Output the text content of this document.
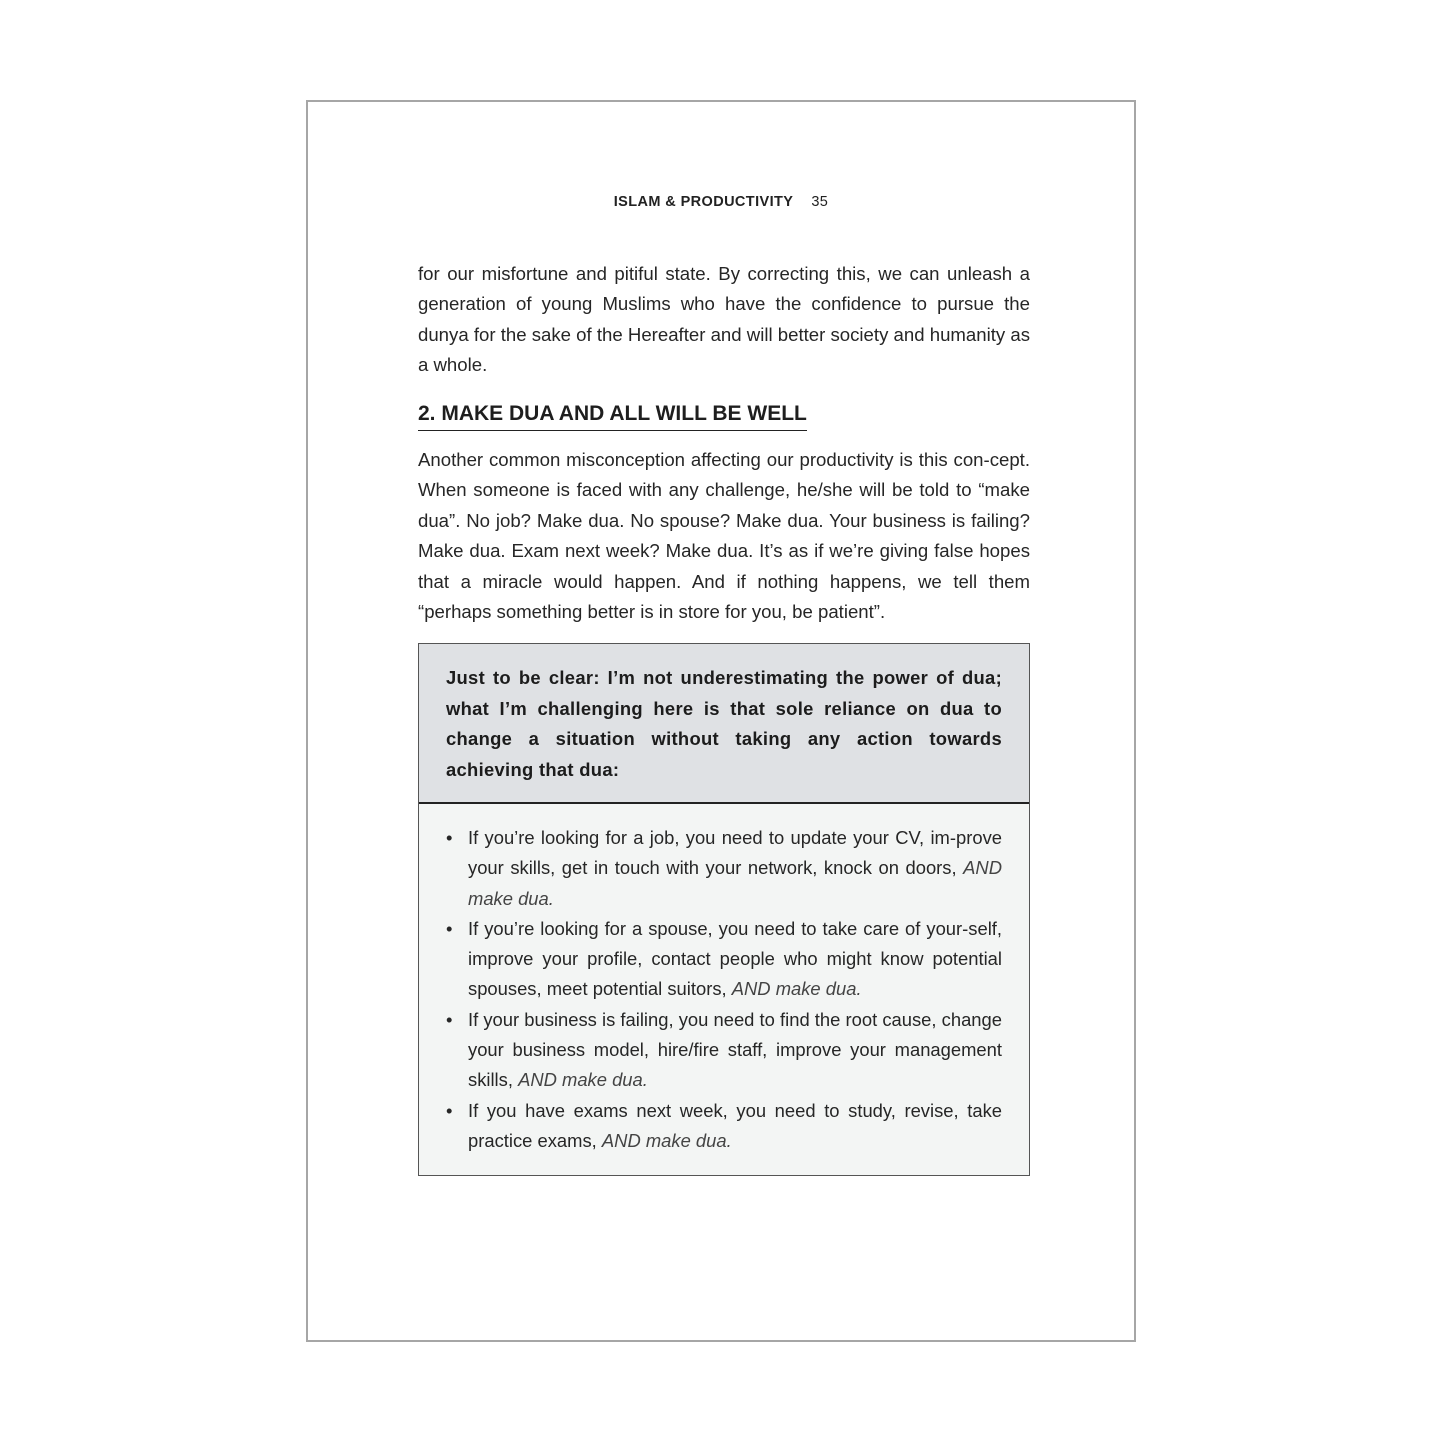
ISLAM & PRODUCTIVITY 35

for our misfortune and pitiful state. By correcting this, we can unleash a generation of young Muslims who have the confidence to pursue the dunya for the sake of the Hereafter and will better society and humanity as a whole.

2. MAKE DUA AND ALL WILL BE WELL

Another common misconception affecting our productivity is this con-cept. When someone is faced with any challenge, he/she will be told to “make dua”. No job? Make dua. No spouse? Make dua. Your business is failing? Make dua. Exam next week? Make dua. It’s as if we’re giving false hopes that a miracle would happen. And if nothing happens, we tell them “perhaps something better is in store for you, be patient”.

Just to be clear: I’m not underestimating the power of dua; what I’m challenging here is that sole reliance on dua to change a situation without taking any action towards achieving that dua:

• If you’re looking for a job, you need to update your CV, im-prove your skills, get in touch with your network, knock on doors, AND make dua.
• If you’re looking for a spouse, you need to take care of your-self, improve your profile, contact people who might know potential spouses, meet potential suitors, AND make dua.
• If your business is failing, you need to find the root cause, change your business model, hire/fire staff, improve your management skills, AND make dua.
• If you have exams next week, you need to study, revise, take practice exams, AND make dua.
